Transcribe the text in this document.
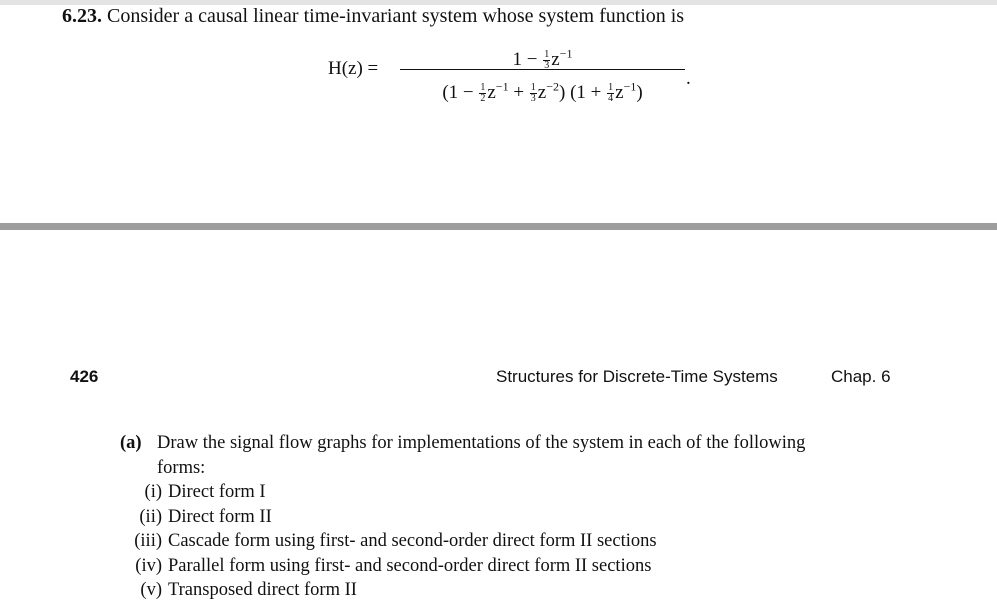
6.23. Consider a causal linear time-invariant system whose system function is
H(z) =	$1 - \frac{1}{3} z^{-1}$
$(1 - \frac{1}{2} z^{-1} + \frac{1}{3} z^{-2})$ $(1 + \frac{1}{4} z^{-1})$
.
426	Structures for Discrete-Time Systems	Chap. 6
(a) Draw the signal flow graphs for implementations of the system in each of the following
forms:
(i) Direct form I
(ii) Direct form II
(iii) Cascade form using first- and second-order direct form II sections
(iv) Parallel form using first- and second-order direct form II sections
(v) Transposed direct form II
